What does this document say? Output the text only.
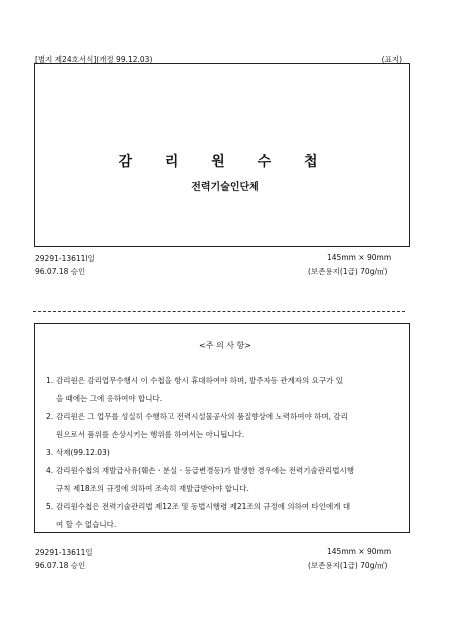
[별지 제24호서식](개정 99.12.03)	(표지)
감 리 원 수 첩
전력기술인단체
29291-13611l일
96.07.18 승인
145mm × 90mm
(보존용지(1급) 70g/㎡)
<주 의 사 항>
1. 감리원은 감리업무수행시 이 수첩을 항시 휴대하여야 하며, 발주자등 관계자의 요구가 있
을 때에는 그에 응하여야 합니다.
2. 감리원은 그 업무를 성실히 수행하고 전력시설물공사의 품질향상에 노력하여야 하며, 감리
원으로서 품위를 손상시키는 행위를 하여서는 아니됩니다.
3. 삭제(99.12.03)
4. 감리원수첩의 재발급사유(훼손ㆍ분실ㆍ등급변경등)가 발생한 경우에는 전력기술관리법시행
규칙 제18조의 규정에 의하여 조속히 재발급받아야 합니다.
5. 감리원수첩은 전력기술관리법 제12조 및 동법시행령 제21조의 규정에 의하여 타인에게 대
여 할 수 없습니다.
29291-13611일
96.07.18 승인
145mm × 90mm
(보존용지(1급) 70g/㎡)
